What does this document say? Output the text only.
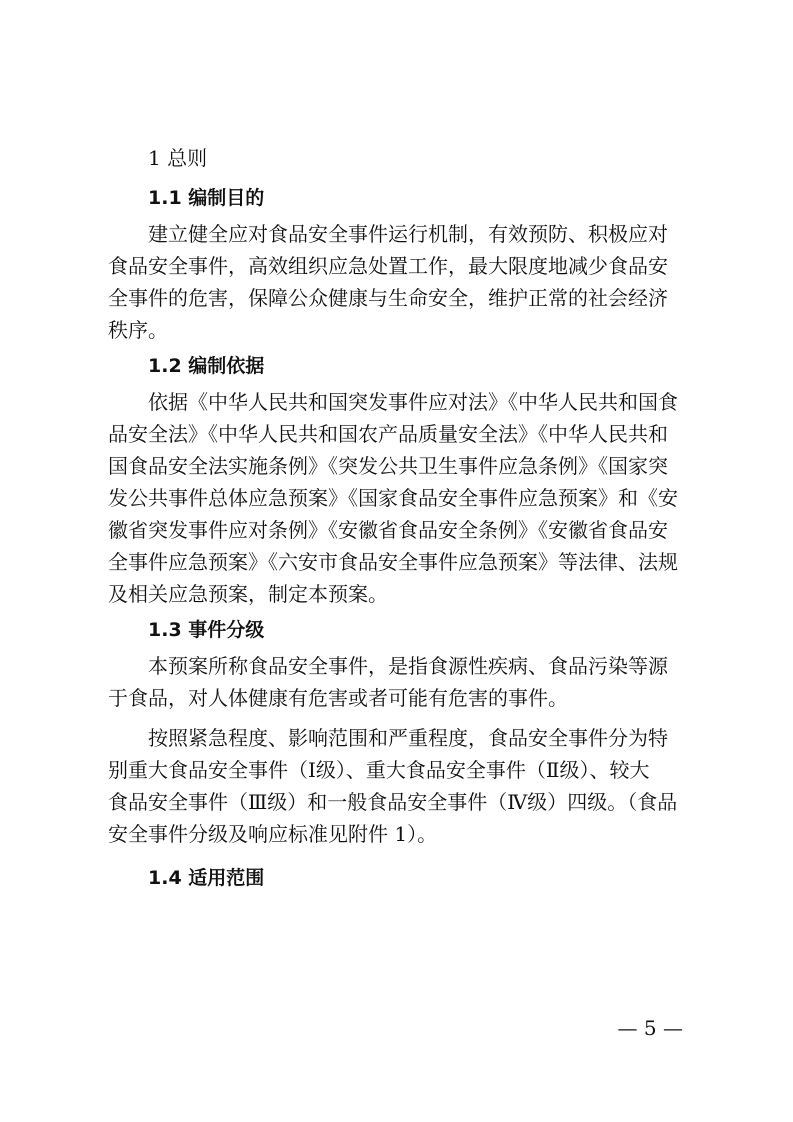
1 总则

1.1 编制目的

建立健全应对食品安全事件运行机制，有效预防、积极应对

食品安全事件，高效组织应急处置工作，最大限度地减少食品安

全事件的危害，保障公众健康与生命安全，维护正常的社会经济

秩序。

1.2 编制依据

依据《中华人民共和国突发事件应对法》《中华人民共和国食

品安全法》《中华人民共和国农产品质量安全法》《中华人民共和

国食品安全法实施条例》《突发公共卫生事件应急条例》《国家突

发公共事件总体应急预案》《国家食品安全事件应急预案》和《安

徽省突发事件应对条例》《安徽省食品安全条例》《安徽省食品安

全事件应急预案》《六安市食品安全事件应急预案》等法律、法规

及相关应急预案，制定本预案。

1.3 事件分级

本预案所称食品安全事件，是指食源性疾病、食品污染等源

于食品，对人体健康有危害或者可能有危害的事件。

按照紧急程度、影响范围和严重程度，食品安全事件分为特

别重大食品安全事件（Ⅰ级）、重大食品安全事件（Ⅱ级）、较大

食品安全事件（Ⅲ级）和一般食品安全事件（Ⅳ级）四级。（食品

安全事件分级及响应标准见附件 1）。

1.4 适用范围

— 5 —
